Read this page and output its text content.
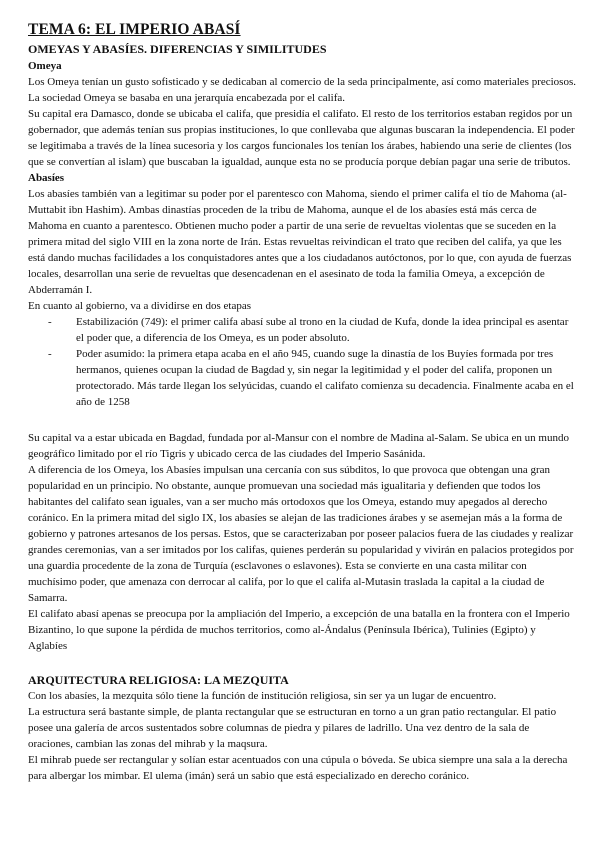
TEMA 6: EL IMPERIO ABASÍ
OMEYAS Y ABASÍES. DIFERENCIAS Y SIMILITUDES
Omeya

Los Omeya tenían un gusto sofisticado y se dedicaban al comercio de la seda principalmente, así como materiales preciosos. La sociedad Omeya se basaba en una jerarquía encabezada por el califa.

Su capital era Damasco, donde se ubicaba el califa, que presidía el califato. El resto de los territorios estaban regidos por un gobernador, que además tenían sus propias instituciones, lo que conllevaba que algunas buscaran la independencia. El poder se legitimaba a través de la línea sucesoria y los cargos funcionales los tenían los árabes, habiendo una serie de clientes (los que se convertían al islam) que buscaban la igualdad, aunque esta no se producía porque debían pagar una serie de tributos.

Abasíes

Los abasíes también van a legitimar su poder por el parentesco con Mahoma, siendo el primer califa el tío de Mahoma (al-Muttabit ibn Hashim). Ambas dinastías proceden de la tribu de Mahoma, aunque el de los abasíes está más cerca de Mahoma en cuanto a parentesco. Obtienen mucho poder a partir de una serie de revueltas violentas que se suceden en la primera mitad del siglo VIII en la zona norte de Irán. Estas revueltas reivindican el trato que reciben del califa, ya que les está dando muchas facilidades a los conquistadores antes que a los ciudadanos autóctonos, por lo que, con ayuda de fuerzas locales, desarrollan una serie de revueltas que desencadenan en el asesinato de toda la familia Omeya, a excepción de Abderramán I.

En cuanto al gobierno, va a dividirse en dos etapas

- Estabilización (749): el primer califa abasí sube al trono en la ciudad de Kufa, donde la idea principal es asentar el poder que, a diferencia de los Omeya, es un poder absoluto.
- Poder asumido: la primera etapa acaba en el año 945, cuando suge la dinastía de los Buyíes formada por tres hermanos, quienes ocupan la ciudad de Bagdad y, sin negar la legitimidad y el poder del califa, proponen un protectorado. Más tarde llegan los selyúcidas, cuando el califato comienza su decadencia. Finalmente acaba en el año de 1258

Su capital va a estar ubicada en Bagdad, fundada por al-Mansur con el nombre de Madina al-Salam. Se ubica en un mundo geográfico limitado por el río Tigris y ubicado cerca de las ciudades del Imperio Sasánida.

A diferencia de los Omeya, los Abasíes impulsan una cercanía con sus súbditos, lo que provoca que obtengan una gran popularidad en un principio. No obstante, aunque promuevan una sociedad más igualitaria y defienden que todos los habitantes del califato sean iguales, van a ser mucho más ortodoxos que los Omeya, estando muy apegados al derecho coránico. En la primera mitad del siglo IX, los abasíes se alejan de las tradiciones árabes y se asemejan más a la forma de gobierno y patrones artesanos de los persas. Estos, que se caracterizaban por poseer palacios fuera de las ciudades y realizar grandes ceremonias, van a ser imitados por los califas, quienes perderán su popularidad y vivirán en palacios protegidos por una guardia procedente de la zona de Turquía (esclavones o eslavones). Esta se convierte en una casta militar con muchísimo poder, que amenaza con derrocar al califa, por lo que el califa al-Mutasin traslada la capital a la ciudad de Samarra.

El califato abasí apenas se preocupa por la ampliación del Imperio, a excepción de una batalla en la frontera con el Imperio Bizantino, lo que supone la pérdida de muchos territorios, como al-Ándalus (Península Ibérica), Tulinies (Egipto) y Aglabíes

ARQUITECTURA RELIGIOSA: LA MEZQUITA

Con los abasíes, la mezquita sólo tiene la función de institución religiosa, sin ser ya un lugar de encuentro.

La estructura será bastante simple, de planta rectangular que se estructuran en torno a un gran patio rectangular. El patio posee una galería de arcos sustentados sobre columnas de piedra y pilares de ladrillo. Una vez dentro de la sala de oraciones, cambian las zonas del mihrab y la maqsura.

El mihrab puede ser rectangular y solían estar acentuados con una cúpula o bóveda. Se ubica siempre una sala a la derecha para albergar los mimbar. El ulema (imán) será un sabio que está especializado en derecho coránico.
